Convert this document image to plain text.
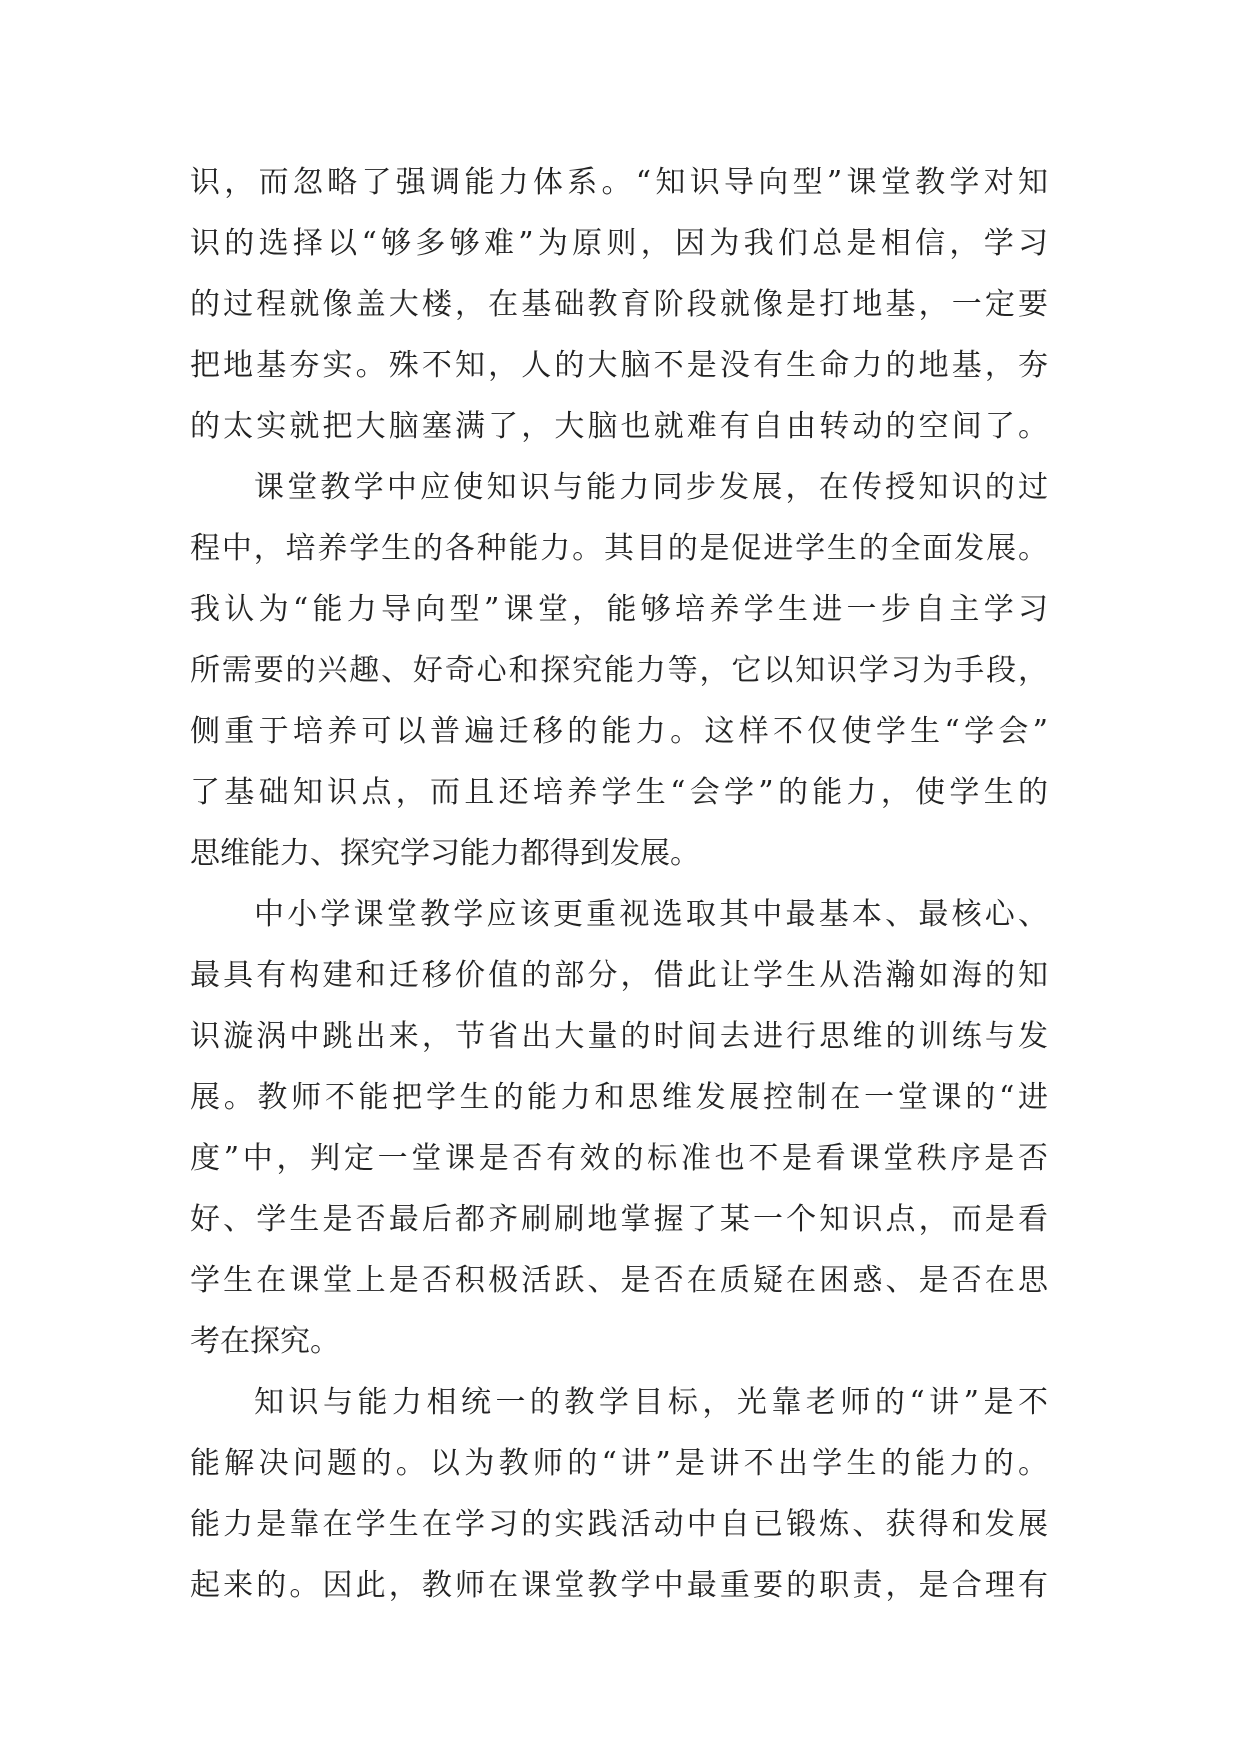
识，而忽略了强调能力体系。“知识导向型”课堂教学对知
识的选择以“够多够难”为原则，因为我们总是相信，学习
的过程就像盖大楼，在基础教育阶段就像是打地基，一定要
把地基夯实。殊不知，人的大脑不是没有生命力的地基，夯
的太实就把大脑塞满了，大脑也就难有自由转动的空间了。

课堂教学中应使知识与能力同步发展，在传授知识的过
程中，培养学生的各种能力。其目的是促进学生的全面发展。
我认为“能力导向型”课堂，能够培养学生进一步自主学习
所需要的兴趣、好奇心和探究能力等，它以知识学习为手段，
侧重于培养可以普遍迁移的能力。这样不仅使学生“学会”
了基础知识点，而且还培养学生“会学”的能力，使学生的
思维能力、探究学习能力都得到发展。

中小学课堂教学应该更重视选取其中最基本、最核心、
最具有构建和迁移价值的部分，借此让学生从浩瀚如海的知
识漩涡中跳出来，节省出大量的时间去进行思维的训练与发
展。教师不能把学生的能力和思维发展控制在一堂课的“进
度”中，判定一堂课是否有效的标准也不是看课堂秩序是否
好、学生是否最后都齐刷刷地掌握了某一个知识点，而是看
学生在课堂上是否积极活跃、是否在质疑在困惑、是否在思
考在探究。

知识与能力相统一的教学目标，光靠老师的“讲”是不
能解决问题的。以为教师的“讲”是讲不出学生的能力的。
能力是靠在学生在学习的实践活动中自已锻炼、获得和发展
起来的。因此，教师在课堂教学中最重要的职责，是合理有
